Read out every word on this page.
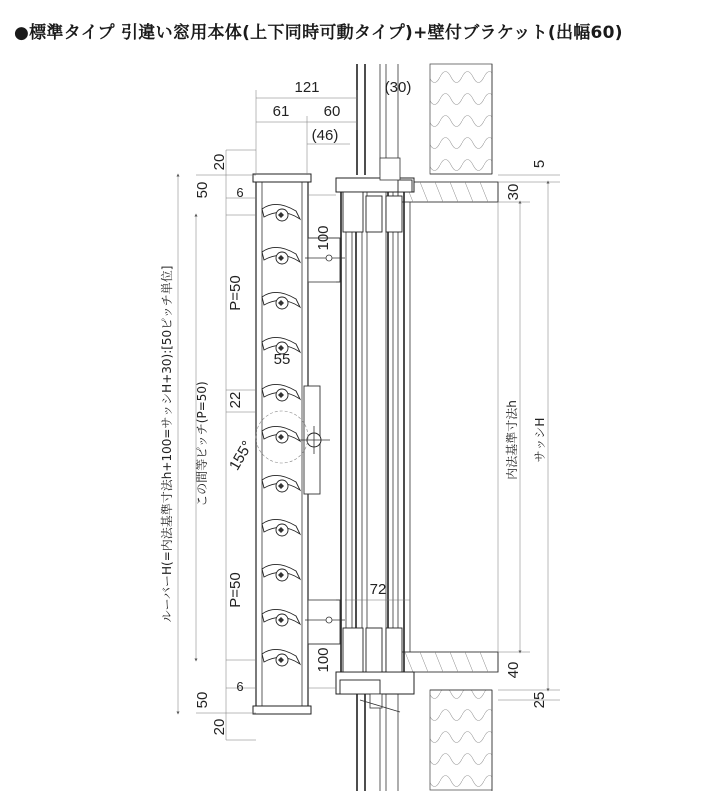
●標準タイプ 引違い窓用本体(上下同時可動タイプ)+壁付ブラケット(出幅60)
121	(30)
61 60
(46)
20
50 6
100
P=50
55
22
155°
P=50	72
100
6
50
20
5
30
40
25
ルーバーH(=内法基準寸法h+100=サッシH+30):[50ピッチ単位] この間等ピッチ(P=50)	内法基準寸法h サッシH
